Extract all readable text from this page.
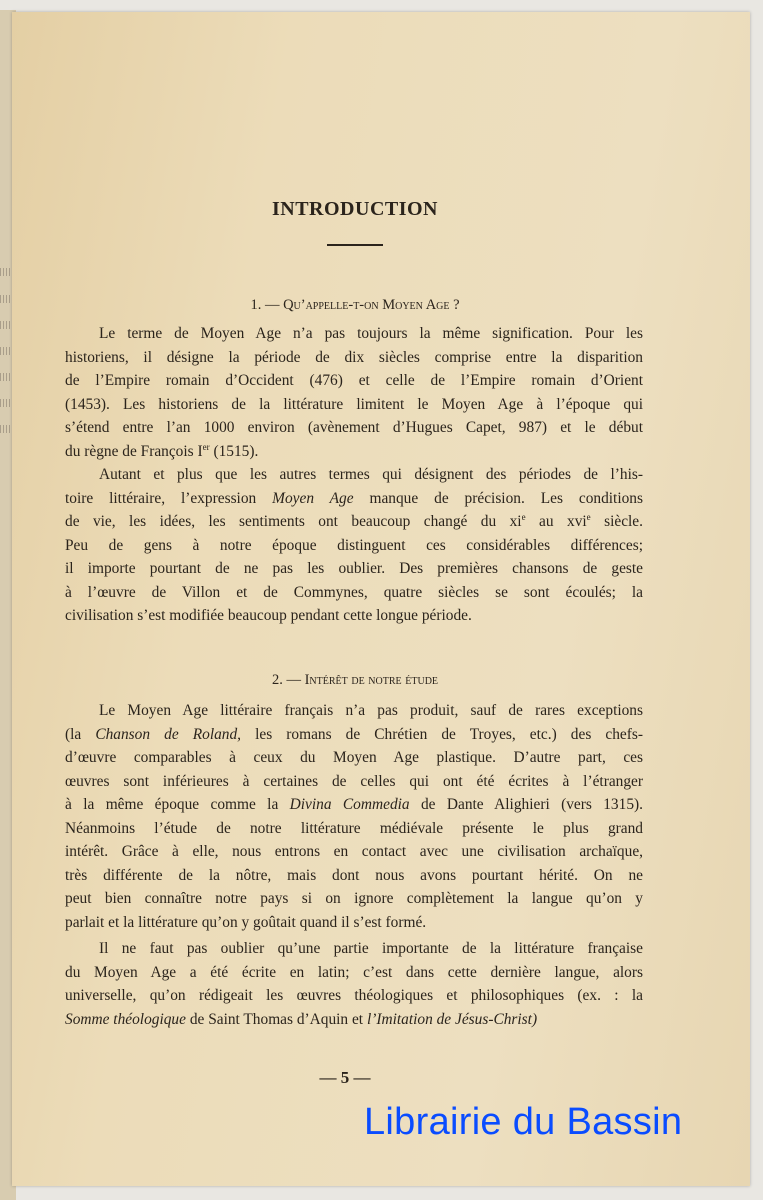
INTRODUCTION
1. — Qu’appelle-t-on Moyen Age ?
Le terme de Moyen Age n’a pas toujours la même signification. Pour les
historiens, il désigne la période de dix siècles comprise entre la disparition
de l’Empire romain d’Occident (476) et celle de l’Empire romain d’Orient
(1453). Les historiens de la littérature limitent le Moyen Age à l’époque qui
s’étend entre l’an 1000 environ (avènement d’Hugues Capet, 987) et le début
du règne de François Ier (1515).
Autant et plus que les autres termes qui désignent des périodes de l’his-
toire littéraire, l’expression Moyen Age manque de précision. Les conditions
de vie, les idées, les sentiments ont beaucoup changé du $xi^e$ au xvi$^e$ siècle.
Peu de gens à notre époque distinguent ces considérables différences;
il importe pourtant de ne pas les oublier. Des premières chansons de geste
à l’œuvre de Villon et de Commynes, quatre siècles se sont écoulés; la
civilisation s’est modifiée beaucoup pendant cette longue période.
2. — Intérêt de notre étude
Le Moyen Age littéraire français n’a pas produit, sauf de rares exceptions
(la Chanson de Roland, les romans de Chrétien de Troyes, etc.) des chefs-
d’œuvre comparables à ceux du Moyen Age plastique. D’autre part, ces
œuvres sont inférieures à certaines de celles qui ont été écrites à l’étranger
à la même époque comme la Divina Commedia de Dante Alighieri (vers 1315).
Néanmoins l’étude de notre littérature médiévale présente le plus grand
intérêt. Grâce à elle, nous entrons en contact avec une civilisation archaïque,
très différente de la nôtre, mais dont nous avons pourtant hérité. On ne
peut bien connaître notre pays si on ignore complètement la langue qu’on y
parlait et la littérature qu’on y goûtait quand il s’est formé.
Il ne faut pas oublier qu’une partie importante de la littérature française
du Moyen Age a été écrite en latin; c’est dans cette dernière langue, alors
universelle, qu’on rédigeait les œuvres théologiques et philosophiques (ex. : la
Somme théologique de Saint Thomas d’Aquin et l’Imitation de Jésus-Christ)
— 5 —
Librairie du Bassin
